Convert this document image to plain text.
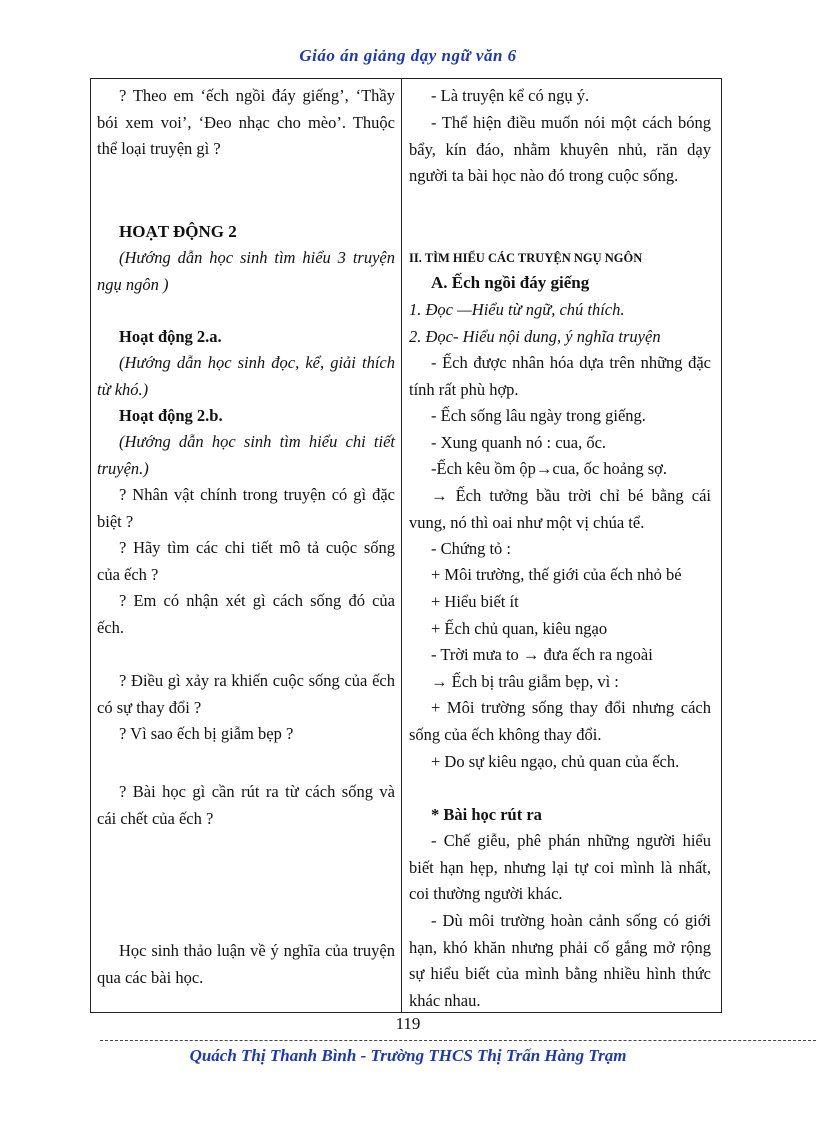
Giáo án giảng dạy ngữ văn 6

? Theo em ‘ếch ngồi đáy giếng’, ‘Thầy bói xem voi’, ‘Đeo nhạc cho mèo’. Thuộc thể loại truyện gì ?

HOẠT ĐỘNG 2

(Hướng dẫn học sinh tìm hiểu 3 truyện ngụ ngôn )

Hoạt động 2.a.

(Hướng dẫn học sinh đọc, kể, giải thích từ khó.)

Hoạt động 2.b.

(Hướng dẫn học sinh tìm hiểu chi tiết truyện.)

? Nhân vật chính trong truyện có gì đặc biệt ?

? Hãy tìm các chi tiết mô tả cuộc sống của ếch ?

? Em có nhận xét gì cách sống đó của ếch.

? Điều gì xảy ra khiến cuộc sống của ếch có sự thay đổi ?

? Vì sao ếch bị giẫm bẹp ?

? Bài học gì cần rút ra từ cách sống và cái chết của ếch ?

Học sinh thảo luận về ý nghĩa của truyện qua các bài học.

- Là truyện kể có ngụ ý.

- Thể hiện điều muốn nói một cách bóng bẩy, kín đáo, nhằm khuyên nhủ, răn dạy người ta bài học nào đó trong cuộc sống.

II. TÌM HIỂU CÁC TRUYỆN NGỤ NGÔN

A. Ếch ngồi đáy giếng

1. Đọc —Hiểu từ ngữ, chú thích.

2. Đọc- Hiểu nội dung, ý nghĩa truyện

- Ếch được nhân hóa dựa trên những đặc tính rất phù hợp.

- Ếch sống lâu ngày trong giếng.

- Xung quanh nó : cua, ốc.

-Ếch kêu ồm ộp→cua, ốc hoảng sợ.

→ Ếch tưởng bầu trời chỉ bé bằng cái vung, nó thì oai như một vị chúa tể.

- Chứng tỏ :

+ Môi trường, thế giới của ếch nhỏ bé

+ Hiểu biết ít

+ Ếch chủ quan, kiêu ngạo

- Trời mưa to → đưa ếch ra ngoài

→ Ếch bị trâu giẫm bẹp, vì :

+ Môi trường sống thay đổi nhưng cách sống của ếch không thay đổi.

+ Do sự kiêu ngạo, chủ quan của ếch.

* Bài học rút ra

- Chế giễu, phê phán những người hiểu biết hạn hẹp, nhưng lại tự coi mình là nhất, coi thường người khác.

- Dù môi trường hoàn cảnh sống có giới hạn, khó khăn nhưng phải cố gắng mở rộng sự hiểu biết của mình bằng nhiều hình thức khác nhau.

119
Quách Thị Thanh Bình - Trường THCS Thị Trấn Hàng Trạm
